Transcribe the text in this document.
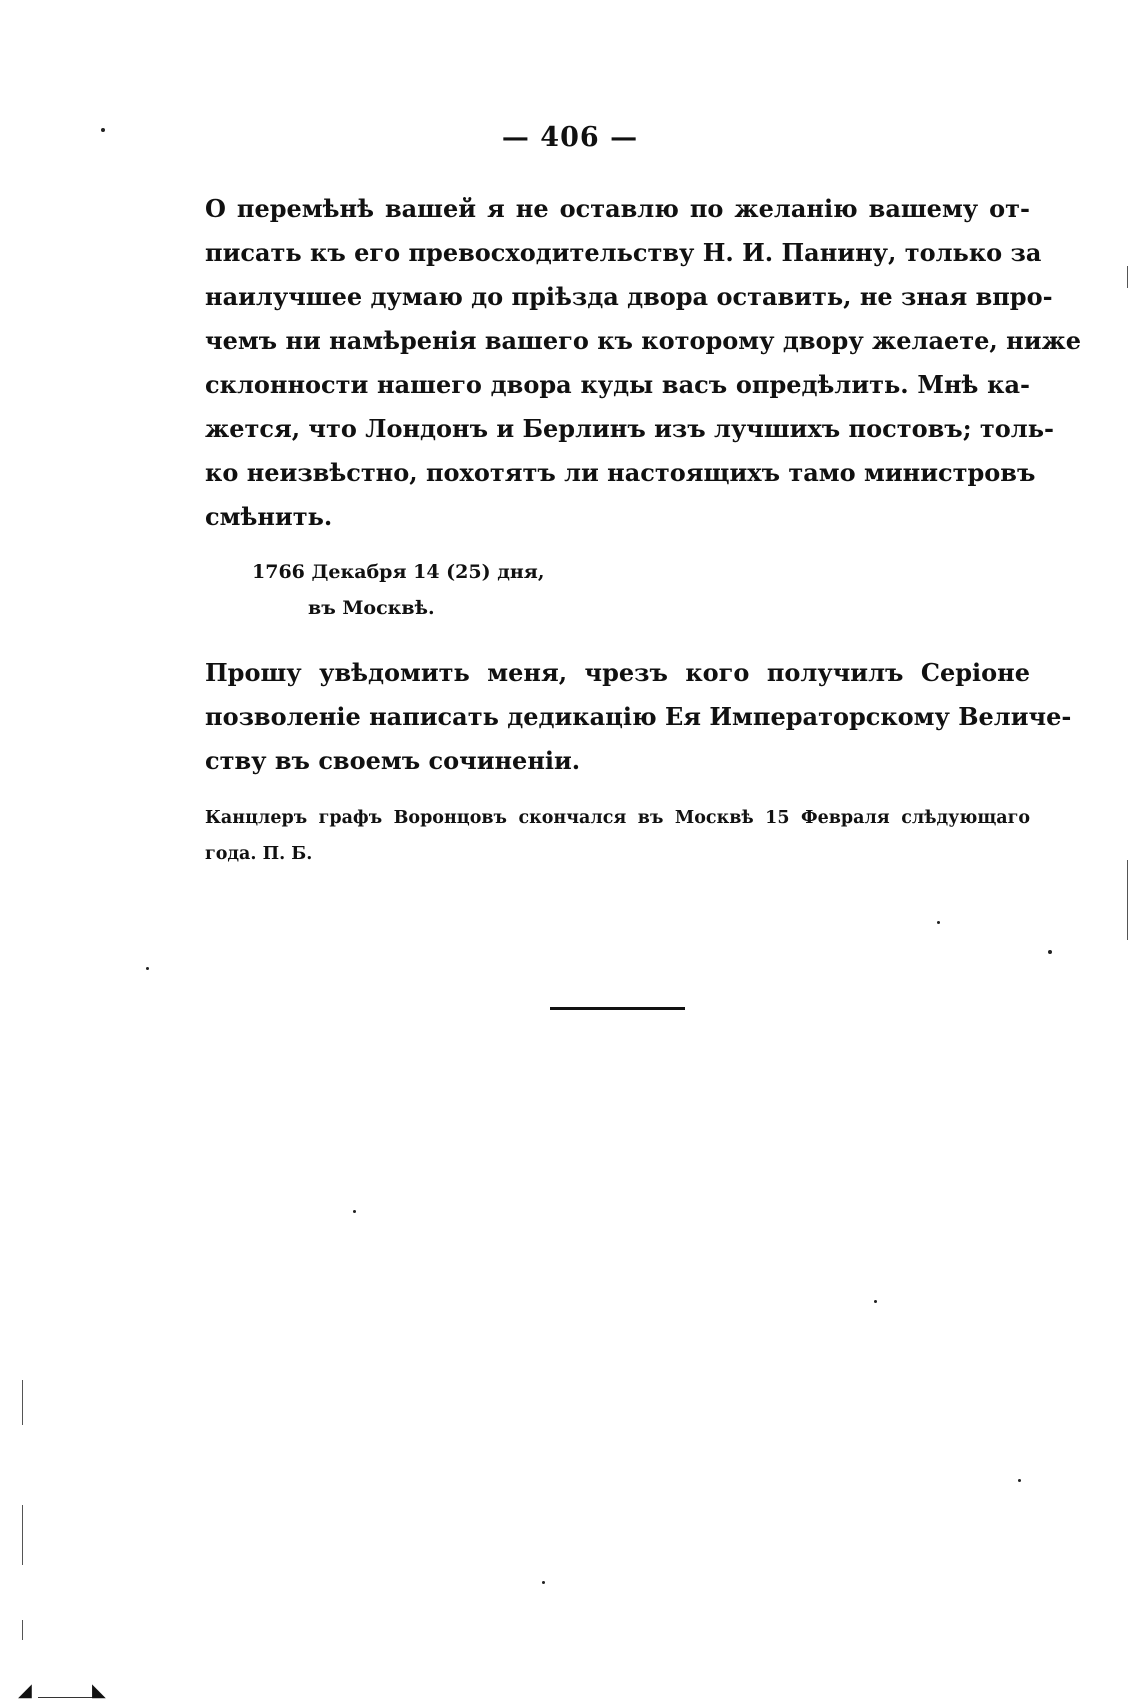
— 406 —
О перемѣнѣ вашей я не оставлю по желанію вашему от-
писать къ его превосходительству Н. И. Панину, только за
наилучшее думаю до пріѣзда двора оставить, не зная впро-
чемъ ни намѣренія вашего къ которому двору желаете, ниже
склонности нашего двора куды васъ опредѣлить. Мнѣ ка-
жется, что Лондонъ и Берлинъ изъ лучшихъ постовъ; толь-
ко неизвѣстно, похотятъ ли настоящихъ тамо министровъ
смѣнить.
1766 Декабря 14 (25) дня,
въ Москвѣ.
Прошу увѣдомить меня, чрезъ кого получилъ Серіоне
позволеніе написать дедикацію Ея Императорскому Величе-
ству въ своемъ сочиненіи.
Канцлеръ графъ Воронцовъ скончался въ Москвѣ 15 Февраля слѣдующаго
года. П. Б.
◢	◣
